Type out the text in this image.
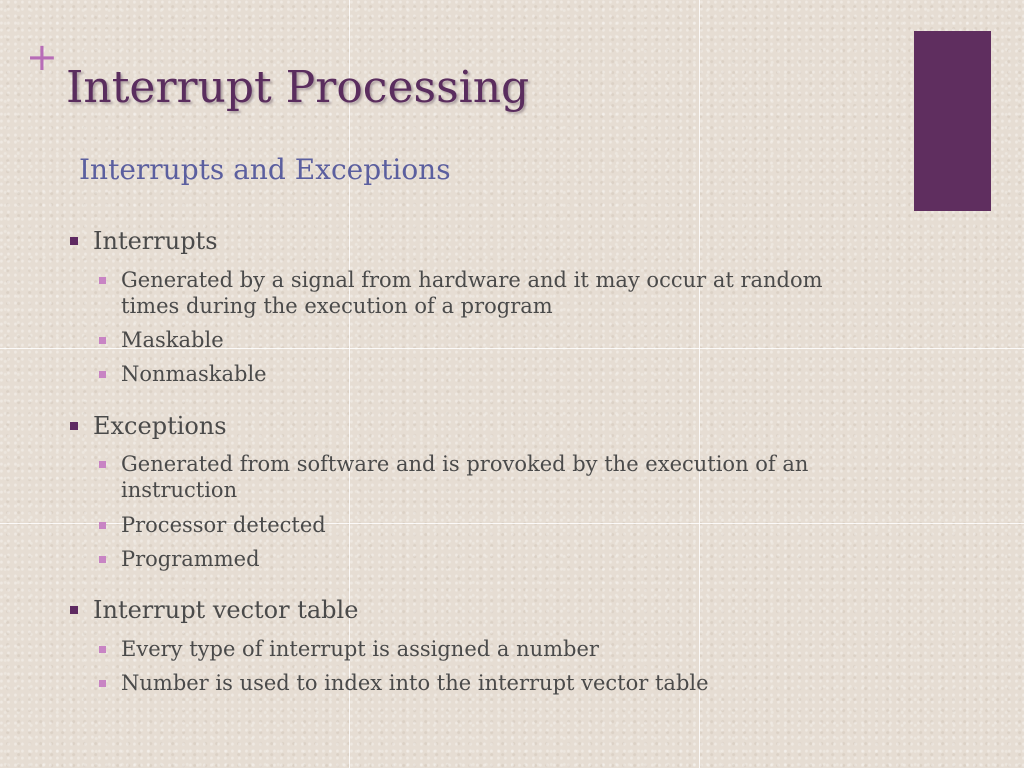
+
Interrupt Processing
Interrupts and Exceptions
Interrupts
Generated by a signal from hardware and it may occur at random times during the execution of a program
Maskable
Nonmaskable
Exceptions
Generated from software and is provoked by the execution of an instruction
Processor detected
Programmed
Interrupt vector table
Every type of interrupt is assigned a number
Number is used to index into the interrupt vector table
